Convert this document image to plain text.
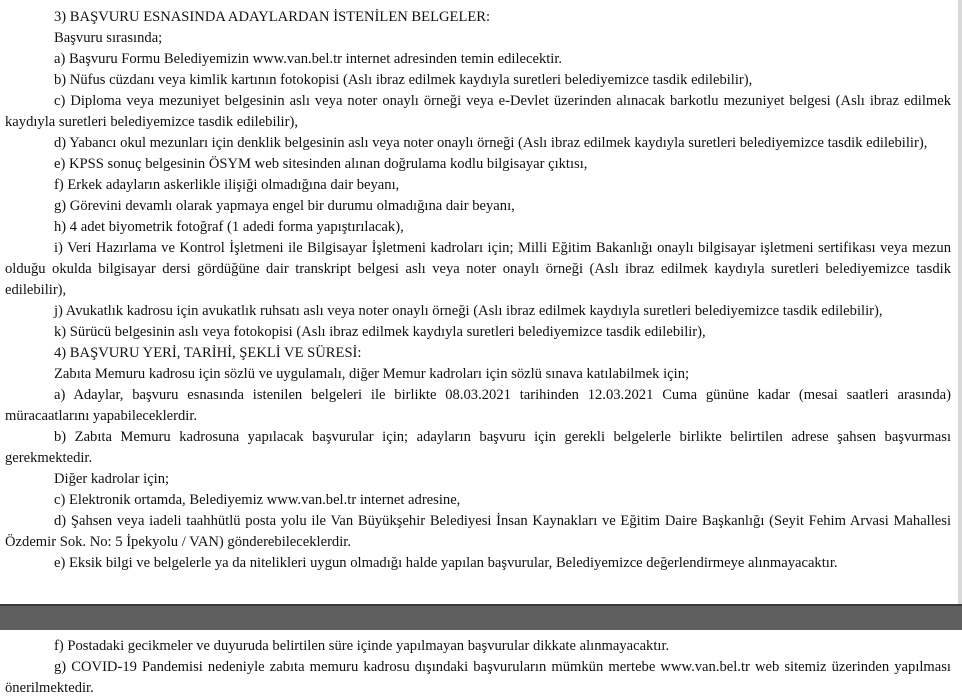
3) BAŞVURU ESNASINDA ADAYLARDAN İSTENİLEN BELGELER:

Başvuru sırasında;

a) Başvuru Formu Belediyemizin www.van.bel.tr internet adresinden temin edilecektir.

b) Nüfus cüzdanı veya kimlik kartının fotokopisi (Aslı ibraz edilmek kaydıyla suretleri belediyemizce tasdik edilebilir),

c) Diploma veya mezuniyet belgesinin aslı veya noter onaylı örneği veya e-Devlet üzerinden alınacak barkotlu mezuniyet belgesi (Aslı ibraz edilmek kaydıyla suretleri belediyemizce tasdik edilebilir),

d) Yabancı okul mezunları için denklik belgesinin aslı veya noter onaylı örneği (Aslı ibraz edilmek kaydıyla suretleri belediyemizce tasdik edilebilir),

e) KPSS sonuç belgesinin ÖSYM web sitesinden alınan doğrulama kodlu bilgisayar çıktısı,

f) Erkek adayların askerlikle ilişiği olmadığına dair beyanı,

g) Görevini devamlı olarak yapmaya engel bir durumu olmadığına dair beyanı,

h) 4 adet biyometrik fotoğraf (1 adedi forma yapıştırılacak),

i) Veri Hazırlama ve Kontrol İşletmeni ile Bilgisayar İşletmeni kadroları için; Milli Eğitim Bakanlığı onaylı bilgisayar işletmeni sertifikası veya mezun olduğu okulda bilgisayar dersi gördüğüne dair transkript belgesi aslı veya noter onaylı örneği (Aslı ibraz edilmek kaydıyla suretleri belediyemizce tasdik edilebilir),

j) Avukatlık kadrosu için avukatlık ruhsatı aslı veya noter onaylı örneği (Aslı ibraz edilmek kaydıyla suretleri belediyemizce tasdik edilebilir),

k) Sürücü belgesinin aslı veya fotokopisi (Aslı ibraz edilmek kaydıyla suretleri belediyemizce tasdik edilebilir),

4) BAŞVURU YERİ, TARİHİ, ŞEKLİ VE SÜRESİ:

Zabıta Memuru kadrosu için sözlü ve uygulamalı, diğer Memur kadroları için sözlü sınava katılabilmek için;

a) Adaylar, başvuru esnasında istenilen belgeleri ile birlikte 08.03.2021 tarihinden 12.03.2021 Cuma gününe kadar (mesai saatleri arasında) müracaatlarını yapabileceklerdir.

b) Zabıta Memuru kadrosuna yapılacak başvurular için; adayların başvuru için gerekli belgelerle birlikte belirtilen adrese şahsen başvurması gerekmektedir.

Diğer kadrolar için;

c) Elektronik ortamda, Belediyemiz www.van.bel.tr internet adresine,

d) Şahsen veya iadeli taahhütlü posta yolu ile Van Büyükşehir Belediyesi İnsan Kaynakları ve Eğitim Daire Başkanlığı (Seyit Fehim Arvasi Mahallesi Özdemir Sok. No: 5 İpekyolu / VAN) gönderebileceklerdir.

e) Eksik bilgi ve belgelerle ya da nitelikleri uygun olmadığı halde yapılan başvurular, Belediyemizce değerlendirmeye alınmayacaktır.

f) Postadaki gecikmeler ve duyuruda belirtilen süre içinde yapılmayan başvurular dikkate alınmayacaktır.

g) COVID-19 Pandemisi nedeniyle zabıta memuru kadrosu dışındaki başvuruların mümkün mertebe www.van.bel.tr web sitemiz üzerinden yapılması önerilmektedir.
